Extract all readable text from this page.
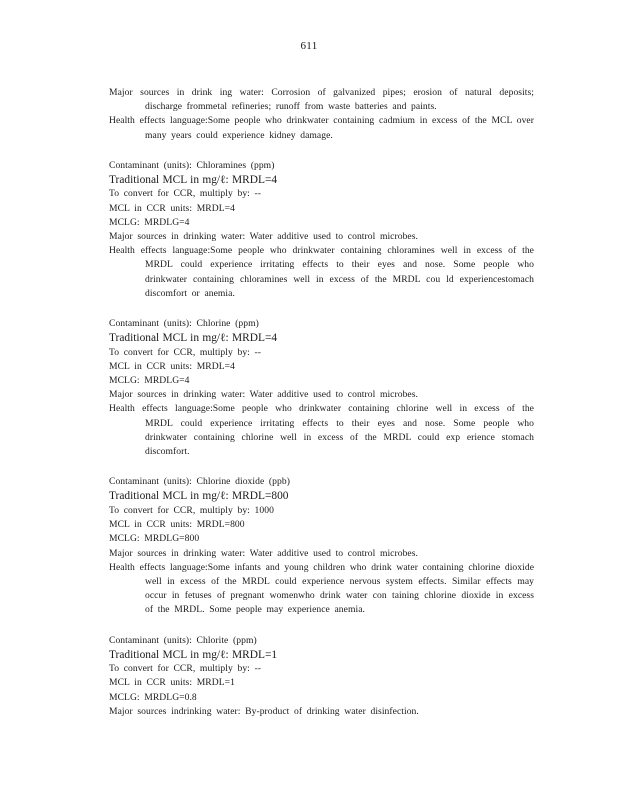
611

Major sources in drink ing water: Corrosion of galvanized pipes; erosion of natural deposits; discharge frommetal refineries; runoff from waste batteries and paints.

Health effects language:Some people who drinkwater containing cadmium in excess of the MCL over many years could experience kidney damage.

Contaminant (units): Chloramines (ppm)

Traditional MCL in mg/ℓ: MRDL=4

To convert for CCR, multiply by: --

MCL in CCR units: MRDL=4

MCLG: MRDLG=4

Major sources in drinking water: Water additive used to control microbes.

Health effects language:Some people who drinkwater containing chloramines well in excess of the MRDL could experience irritating effects to their eyes and nose. Some people who drinkwater containing chloramines well in excess of the MRDL cou ld experiencestomach discomfort or anemia.

Contaminant (units): Chlorine (ppm)

Traditional MCL in mg/ℓ: MRDL=4

To convert for CCR, multiply by: --

MCL in CCR units: MRDL=4

MCLG: MRDLG=4

Major sources in drinking water: Water additive used to control microbes.

Health effects language:Some people who drinkwater containing chlorine well in excess of the MRDL could experience irritating effects to their eyes and nose. Some people who drinkwater containing chlorine well in excess of the MRDL could exp erience stomach discomfort.

Contaminant (units): Chlorine dioxide (ppb)

Traditional MCL in mg/ℓ: MRDL=800

To convert for CCR, multiply by: 1000

MCL in CCR units: MRDL=800

MCLG: MRDLG=800

Major sources in drinking water: Water additive used to control microbes.

Health effects language:Some infants and young children who drink water containing chlorine dioxide well in excess of the MRDL could experience nervous system effects. Similar effects may occur in fetuses of pregnant womenwho drink water con taining chlorine dioxide in excess of the MRDL. Some people may experience anemia.

Contaminant (units): Chlorite (ppm)

Traditional MCL in mg/ℓ: MRDL=1

To convert for CCR, multiply by: --

MCL in CCR units: MRDL=1

MCLG: MRDLG=0.8

Major sources indrinking water: By-product of drinking water disinfection.
